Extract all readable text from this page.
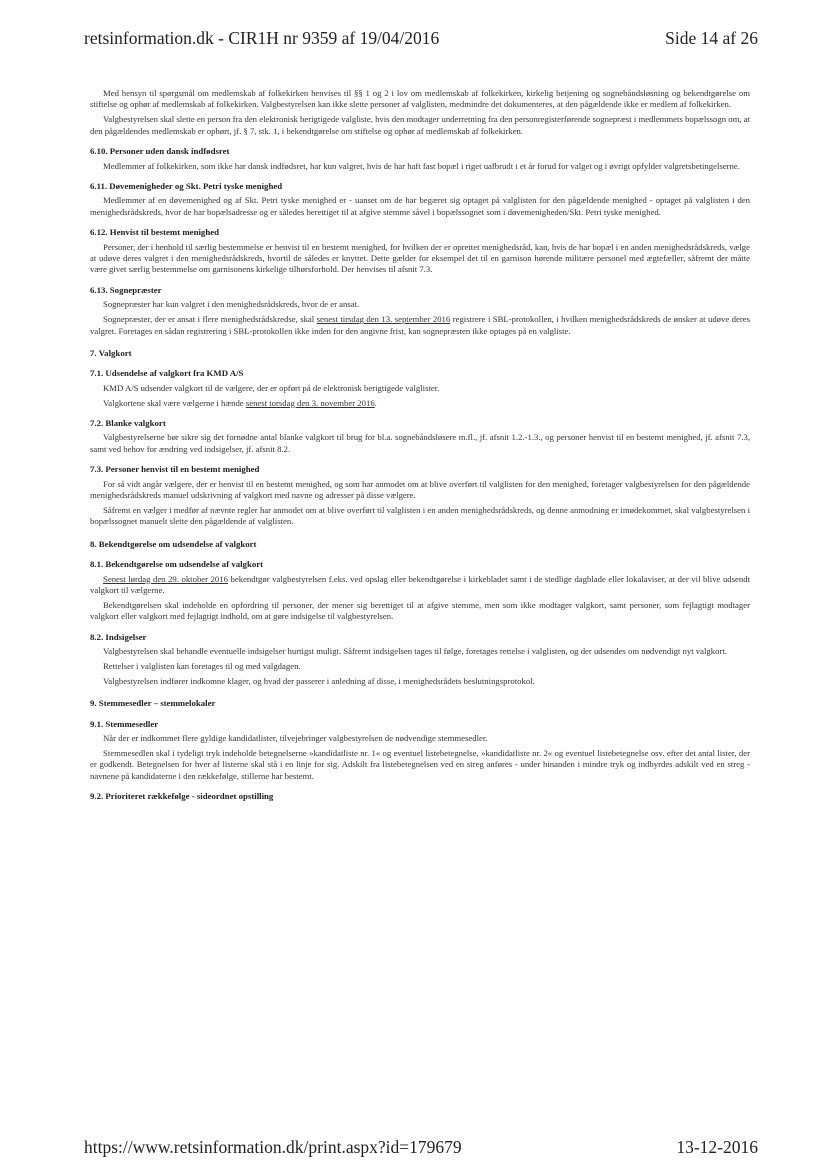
retsinformation.dk - CIR1H nr 9359 af 19/04/2016	Side 14 af 26

Med hensyn til spørgsmål om medlemskab af folkekirken henvises til §§ 1 og 2 i lov om medlemskab af folkekirken, kirkelig betjening og sognebåndsløsning og bekendtgørelse om stiftelse og ophør af medlemskab af folkekirken. Valgbestyrelsen kan ikke slette personer af valglisten, medmindre det dokumenteres, at den pågældende ikke er medlem af folkekirken.

Valgbestyrelsen skal slette en person fra den elektronisk berigtigede valgliste, hvis den modtager underretning fra den personregisterførende sognepræst i medlemmets bopælssogn om, at den pågældendes medlemskab er ophørt, jf. § 7, stk. 1, i bekendtgørelse om stiftelse og ophør af medlemskab af folkekirken.

6.10. Personer uden dansk indfødsret

Medlemmer af folkekirken, som ikke har dansk indfødsret, har kun valgret, hvis de har haft fast bopæl i riget uafbrudt i et år forud for valget og i øvrigt opfylder valgretsbetingelserne.

6.11. Døvemenigheder og Skt. Petri tyske menighed

Medlemmer af en døvemenighed og af Skt. Petri tyske menighed er - uanset om de har begæret sig optaget på valglisten for den pågældende menighed - optaget på valglisten i den menighedsrådskreds, hvor de har bopælsadresse og er således berettiget til at afgive stemme såvel i bopælssognet som i døvemenigheden/Skt. Petri tyske menighed.

6.12. Henvist til bestemt menighed

Personer, der i henhold til særlig bestemmelse er henvist til en bestemt menighed, for hvilken der er oprettet menighedsråd, kan, hvis de har bopæl i en anden menighedsrådskreds, vælge at udøve deres valgret i den menighedsrådskreds, hvortil de således er knyttet. Dette gælder for eksempel det til en garnison hørende militære personel med ægtefæller, såfremt der måtte være givet særlig bestemmelse om garnisonens kirkelige tilhørsforhold. Der henvises til afsnit 7.3.

6.13. Sognepræster

Sognepræster har kun valgret i den menighedsrådskreds, hvor de er ansat.

Sognepræster, der er ansat i flere menighedsrådskredse, skal senest tirsdag den 13. september 2016 registrere i SBL-protokollen, i hvilken menighedsrådskreds de ønsker at udøve deres valgret. Foretages en sådan registrering i SBL-protokollen ikke inden for den angivne frist, kan sognepræsten ikke optages på en valgliste.

7. Valgkort
7.1. Udsendelse af valgkort fra KMD A/S

KMD A/S udsender valgkort til de vælgere, der er opført på de elektronisk berigtigede valglister.

Valgkortene skal være vælgerne i hænde senest torsdag den 3. november 2016.

7.2. Blanke valgkort

Valgbestyrelserne bør sikre sig det fornødne antal blanke valgkort til brug for bl.a. sognebåndsløsere m.fl., jf. afsnit 1.2.-1.3., og personer henvist til en bestemt menighed, jf. afsnit 7.3, samt ved behov for ændring ved indsigelser, jf. afsnit 8.2.

7.3. Personer henvist til en bestemt menighed

For så vidt angår vælgere, der er henvist til en bestemt menighed, og som har anmodet om at blive overført til valglisten for den menighed, foretager valgbestyrelsen for den pågældende menighedsrådskreds manuel udskrivning af valgkort med navne og adresser på disse vælgere.

Såfremt en vælger i medfør af nævnte regler har anmodet om at blive overført til valglisten i en anden menighedsrådskreds, og denne anmodning er imødekommet, skal valgbestyrelsen i bopælssognet manuelt slette den pågældende af valglisten.

8. Bekendtgørelse om udsendelse af valgkort
8.1. Bekendtgørelse om udsendelse af valgkort

Senest lørdag den 29. oktober 2016 bekendtgør valgbestyrelsen f.eks. ved opslag eller bekendtgørelse i kirkebladet samt i de stedlige dagblade eller lokalaviser, at der vil blive udsendt valgkort til vælgerne.

Bekendtgørelsen skal indeholde en opfordring til personer, der mener sig berettiget til at afgive stemme, men som ikke modtager valgkort, samt personer, som fejlagtigt modtager valgkort eller valgkort med fejlagtigt indhold, om at gøre indsigelse til valgbestyrelsen.

8.2. Indsigelser

Valgbestyrelsen skal behandle eventuelle indsigelser hurtigst muligt. Såfremt indsigelsen tages til følge, foretages rettelse i valglisten, og der udsendes om nødvendigt nyt valgkort.

Rettelser i valglisten kan foretages til og med valgdagen.

Valgbestyrelsen indfører indkomne klager, og hvad der passerer i anledning af disse, i menighedsrådets beslutningsprotokol.

9. Stemmesedler – stemmelokaler
9.1. Stemmesedler

Når der er indkommet flere gyldige kandidatlister, tilvejebringer valgbestyrelsen de nødvendige stemmesedler.

Stemmesedlen skal i tydeligt tryk indeholde betegnelserne »kandidatliste nr. 1« og eventuel listebetegnelse, »kandidatliste nr. 2« og eventuel listebetegnelse osv. efter det antal lister, der er godkendt. Betegnelsen for hver af listerne skal stå i en linje for sig. Adskilt fra listebetegnelsen ved en streg anføres - under hinanden i mindre tryk og indbyrdes adskilt ved en streg - navnene på kandidaterne i den rækkefølge, stillerne har bestemt.

9.2. Prioriteret rækkefølge - sideordnet opstilling
https://www.retsinformation.dk/print.aspx?id=179679	13-12-2016
